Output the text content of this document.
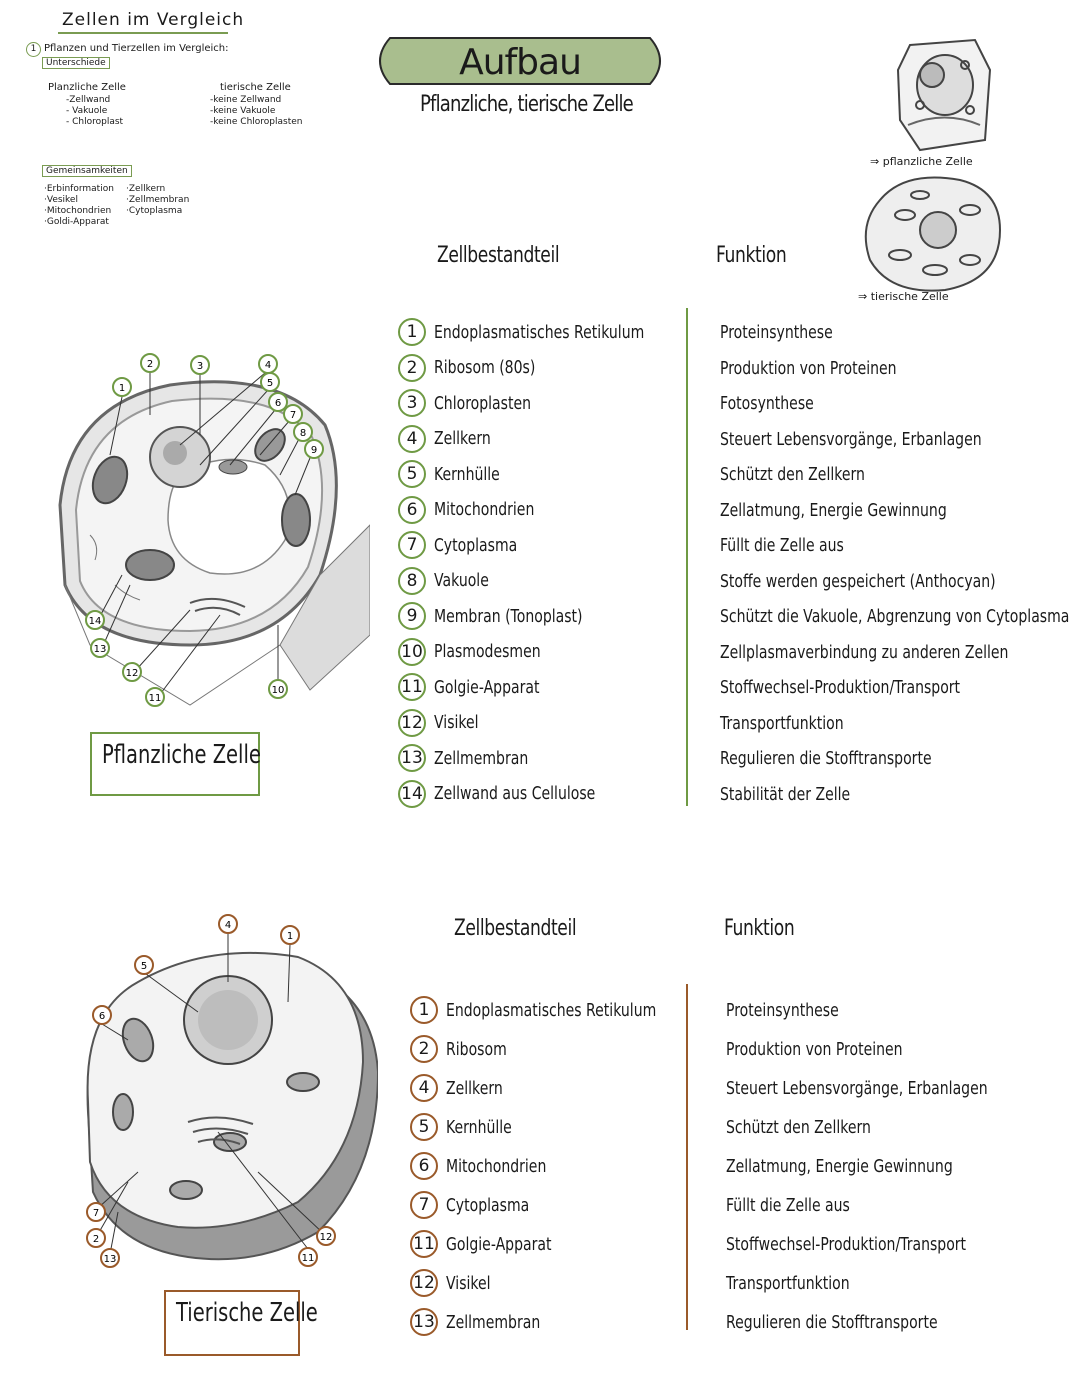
Zellen im Vergleich
1 Pflanzen und Tierzellen im Vergleich:
Unterschiede
Planzliche Zelle
-Zellwand
- Vakuole
- Chloroplast
tierische Zelle
-keine Zellwand
-keine Vakuole
-keine Chloroplasten
Gemeinsamkeiten
·Erbinformation
·Vesikel
·Mitochondrien
·Goldi-Apparat
·Zellkern
·Zellmembran
·Cytoplasma
Aufbau
Pflanzliche, tierische Zelle
⇒ pflanzliche Zelle
⇒ tierische Zelle
1
2	3	4
5
6
7
8
9
10
11
12
13
14
Pflanzliche Zelle
Zellbestandteil	Funktion
1 Endoplasmatisches Retikulum	Proteinsynthese
2 Ribosom (80s)	Produktion von Proteinen
3 Chloroplasten	Fotosynthese
4 Zellkern	Steuert Lebensvorgänge, Erbanlagen
5 Kernhülle	Schützt den Zellkern
6 Mitochondrien	Zellatmung, Energie Gewinnung
7 Cytoplasma	Füllt die Zelle aus
8 Vakuole	Stoffe werden gespeichert (Anthocyan)
9 Membran (Tonoplast)	Schützt die Vakuole, Abgrenzung von Cytoplasma
10 Plasmodesmen	Zellplasmaverbindung zu anderen Zellen
11 Golgie-Apparat	Stoffwechsel-Produktion/Transport
12 Visikel	Transportfunktion
13 Zellmembran	Regulieren die Stofftransporte
14 Zellwand aus Cellulose	Stabilität der Zelle
4
1
5
6
7
2
13	11
12
Tierische Zelle
Zellbestandteil	Funktion
1 Endoplasmatisches Retikulum	Proteinsynthese
2 Ribosom	Produktion von Proteinen
4 Zellkern	Steuert Lebensvorgänge, Erbanlagen
5 Kernhülle	Schützt den Zellkern
6 Mitochondrien	Zellatmung, Energie Gewinnung
7 Cytoplasma	Füllt die Zelle aus
11 Golgie-Apparat	Stoffwechsel-Produktion/Transport
12 Visikel	Transportfunktion
13 Zellmembran	Regulieren die Stofftransporte
